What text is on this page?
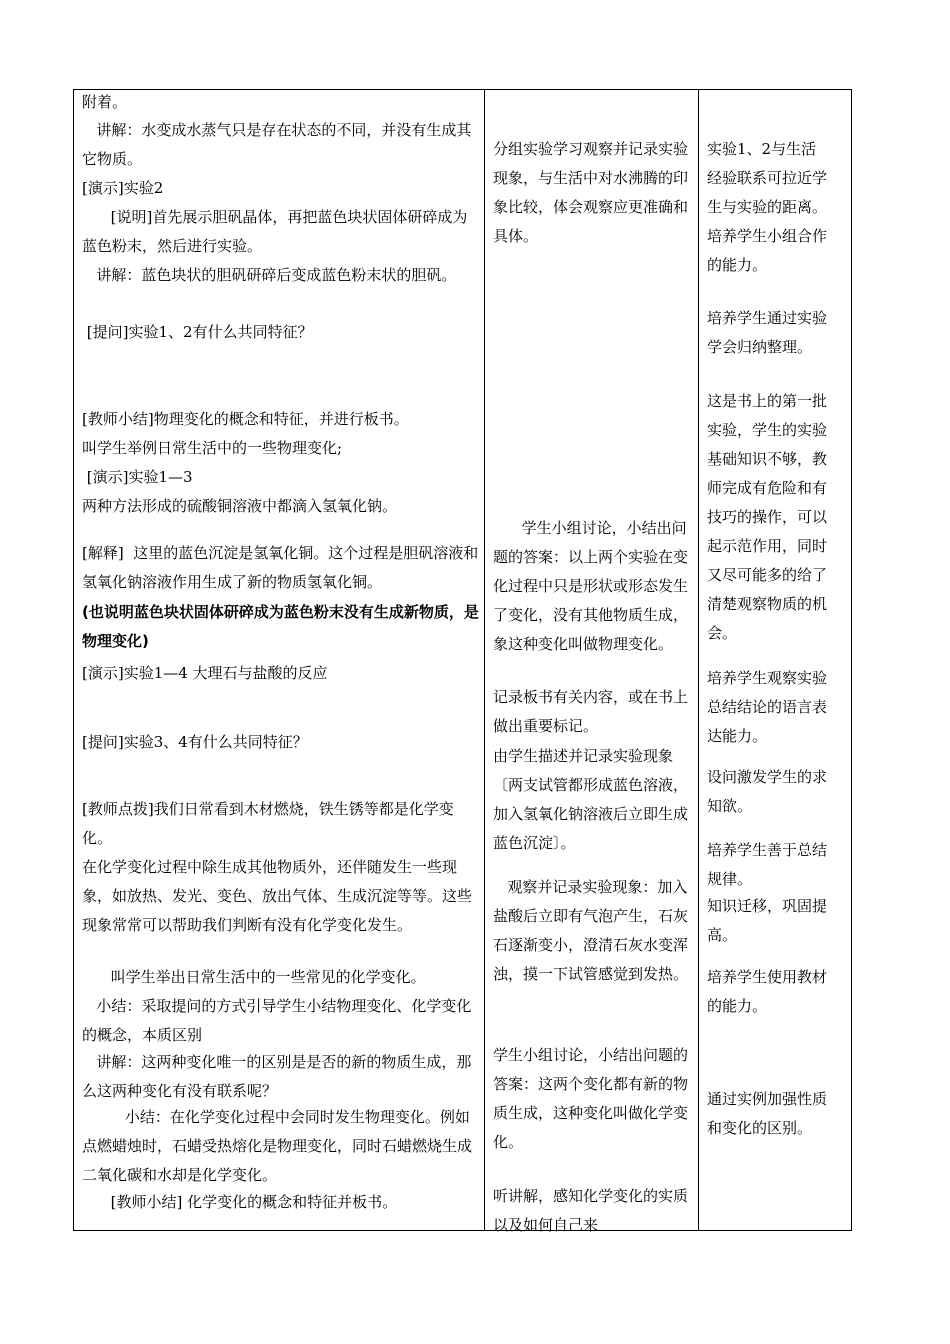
附着。

讲解：水变成水蒸气只是存在状态的不同，并没有生成其它物质。

[演示]实验2

[说明]首先展示胆矾晶体，再把蓝色块状固体研碎成为蓝色粉末，然后进行实验。

讲解：蓝色块状的胆矾研碎后变成蓝色粉末状的胆矾。

[提问]实验1、2有什么共同特征？

[教师小结]物理变化的概念和特征，并进行板书。

叫学生举例日常生活中的一些物理变化;

[演示]实验1—3

两种方法形成的硫酸铜溶液中都滴入氢氧化钠。

[解释]  这里的蓝色沉淀是氢氧化铜。这个过程是胆矾溶液和氢氧化钠溶液作用生成了新的物质氢氧化铜。

(也说明蓝色块状固体研碎成为蓝色粉末没有生成新物质，是物理变化)

[演示]实验1—4 大理石与盐酸的反应

[提问]实验3、4有什么共同特征？

[教师点拨]我们日常看到木材燃烧，铁生锈等都是化学变化。

在化学变化过程中除生成其他物质外，还伴随发生一些现象，如放热、发光、变色、放出气体、生成沉淀等等。这些现象常常可以帮助我们判断有没有化学变化发生。

叫学生举出日常生活中的一些常见的化学变化。

小结：采取提问的方式引导学生小结物理变化、化学变化的概念，本质区别

讲解：这两种变化唯一的区别是是否的新的物质生成，那么这两种变化有没有联系呢？

小结：在化学变化过程中会同时发生物理变化。例如点燃蜡烛时，石蜡受热熔化是物理变化，同时石蜡燃烧生成二氧化碳和水却是化学变化。

[教师小结] 化学变化的概念和特征并板书。

分组实验学习观察并记录实验现象，与生活中对水沸腾的印象比较，体会观察应更准确和具体。

学生小组讨论，小结出问题的答案：以上两个实验在变化过程中只是形状或形态发生了变化，没有其他物质生成，象这种变化叫做物理变化。

记录板书有关内容，或在书上做出重要标记。

由学生描述并记录实验现象〔两支试管都形成蓝色溶液，加入氢氧化钠溶液后立即生成蓝色沉淀〕。

观察并记录实验现象：加入盐酸后立即有气泡产生，石灰石逐渐变小，澄清石灰水变浑浊，摸一下试管感觉到发热。

学生小组讨论，小结出问题的答案：这两个变化都有新的物质生成，这种变化叫做化学变化。

听讲解，感知化学变化的实质以及如何自己来

实验1、2与生活经验联系可拉近学生与实验的距离。培养学生小组合作的能力。

培养学生通过实验学会归纳整理。

这是书上的第一批实验，学生的实验基础知识不够，教师完成有危险和有技巧的操作，可以起示范作用，同时又尽可能多的给了清楚观察物质的机会。

培养学生观察实验总结结论的语言表达能力。

设问激发学生的求知欲。

培养学生善于总结规律。

知识迁移，巩固提高。

培养学生使用教材的能力。

通过实例加强性质和变化的区别。
